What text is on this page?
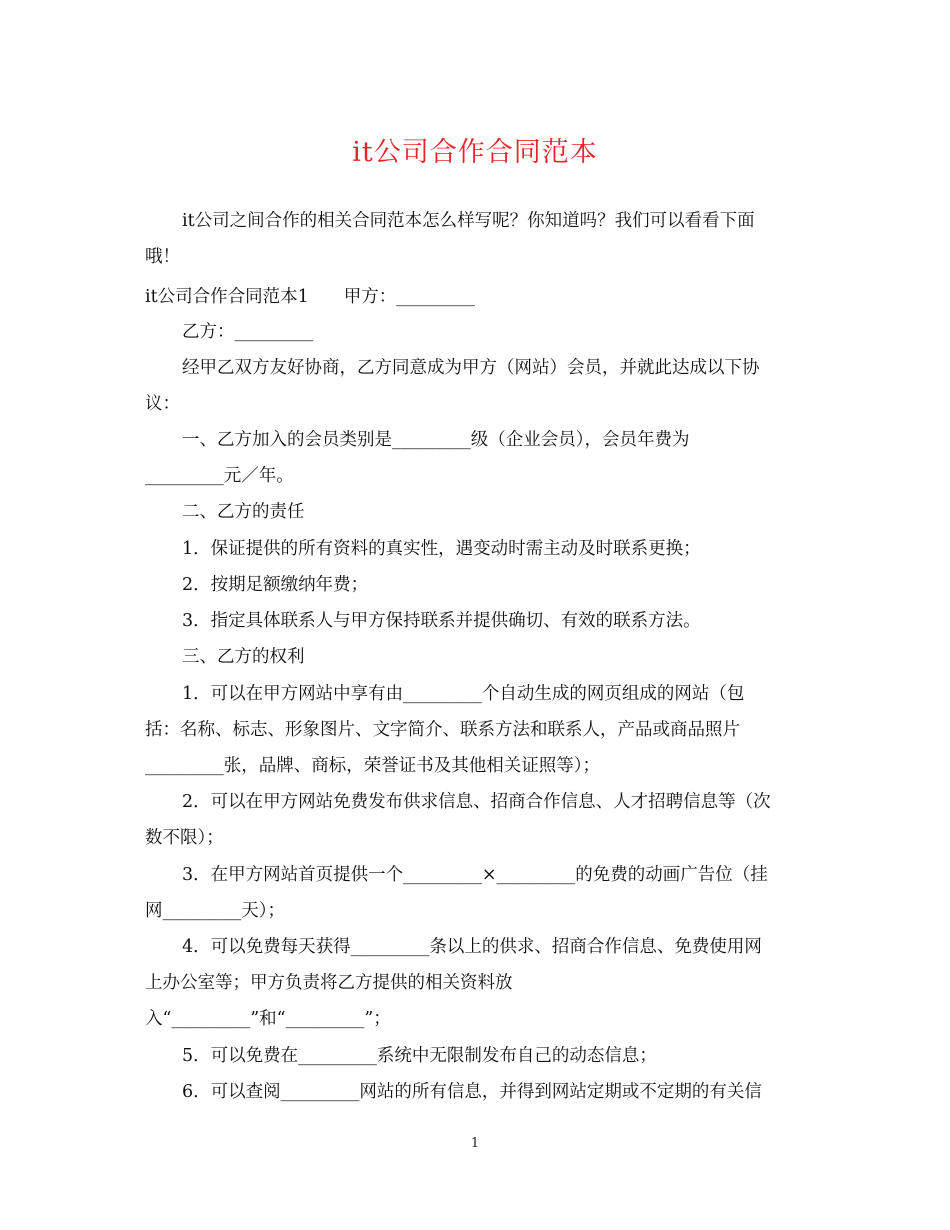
it公司合作合同范本
it公司之间合作的相关合同范本怎么样写呢？你知道吗？我们可以看看下面
哦！
it公司合作合同范本1　　甲方：_________
乙方：_________
经甲乙双方友好协商，乙方同意成为甲方（网站）会员，并就此达成以下协
议：
一、乙方加入的会员类别是_________级（企业会员），会员年费为
_________元／年。
二、乙方的责任
1．保证提供的所有资料的真实性，遇变动时需主动及时联系更换；
2．按期足额缴纳年费；
3．指定具体联系人与甲方保持联系并提供确切、有效的联系方法。
三、乙方的权利
1．可以在甲方网站中享有由_________个自动生成的网页组成的网站（包
括：名称、标志、形象图片、文字简介、联系方法和联系人，产品或商品照片
_________张，品牌、商标，荣誉证书及其他相关证照等）；
2．可以在甲方网站免费发布供求信息、招商合作信息、人才招聘信息等（次
数不限）；
3．在甲方网站首页提供一个_________×_________的免费的动画广告位（挂
网_________天）；
4．可以免费每天获得_________条以上的供求、招商合作信息、免费使用网
上办公室等；甲方负责将乙方提供的相关资料放
入“_________”和“_________”；
5．可以免费在_________系统中无限制发布自己的动态信息；
6．可以查阅_________网站的所有信息，并得到网站定期或不定期的有关信
1
